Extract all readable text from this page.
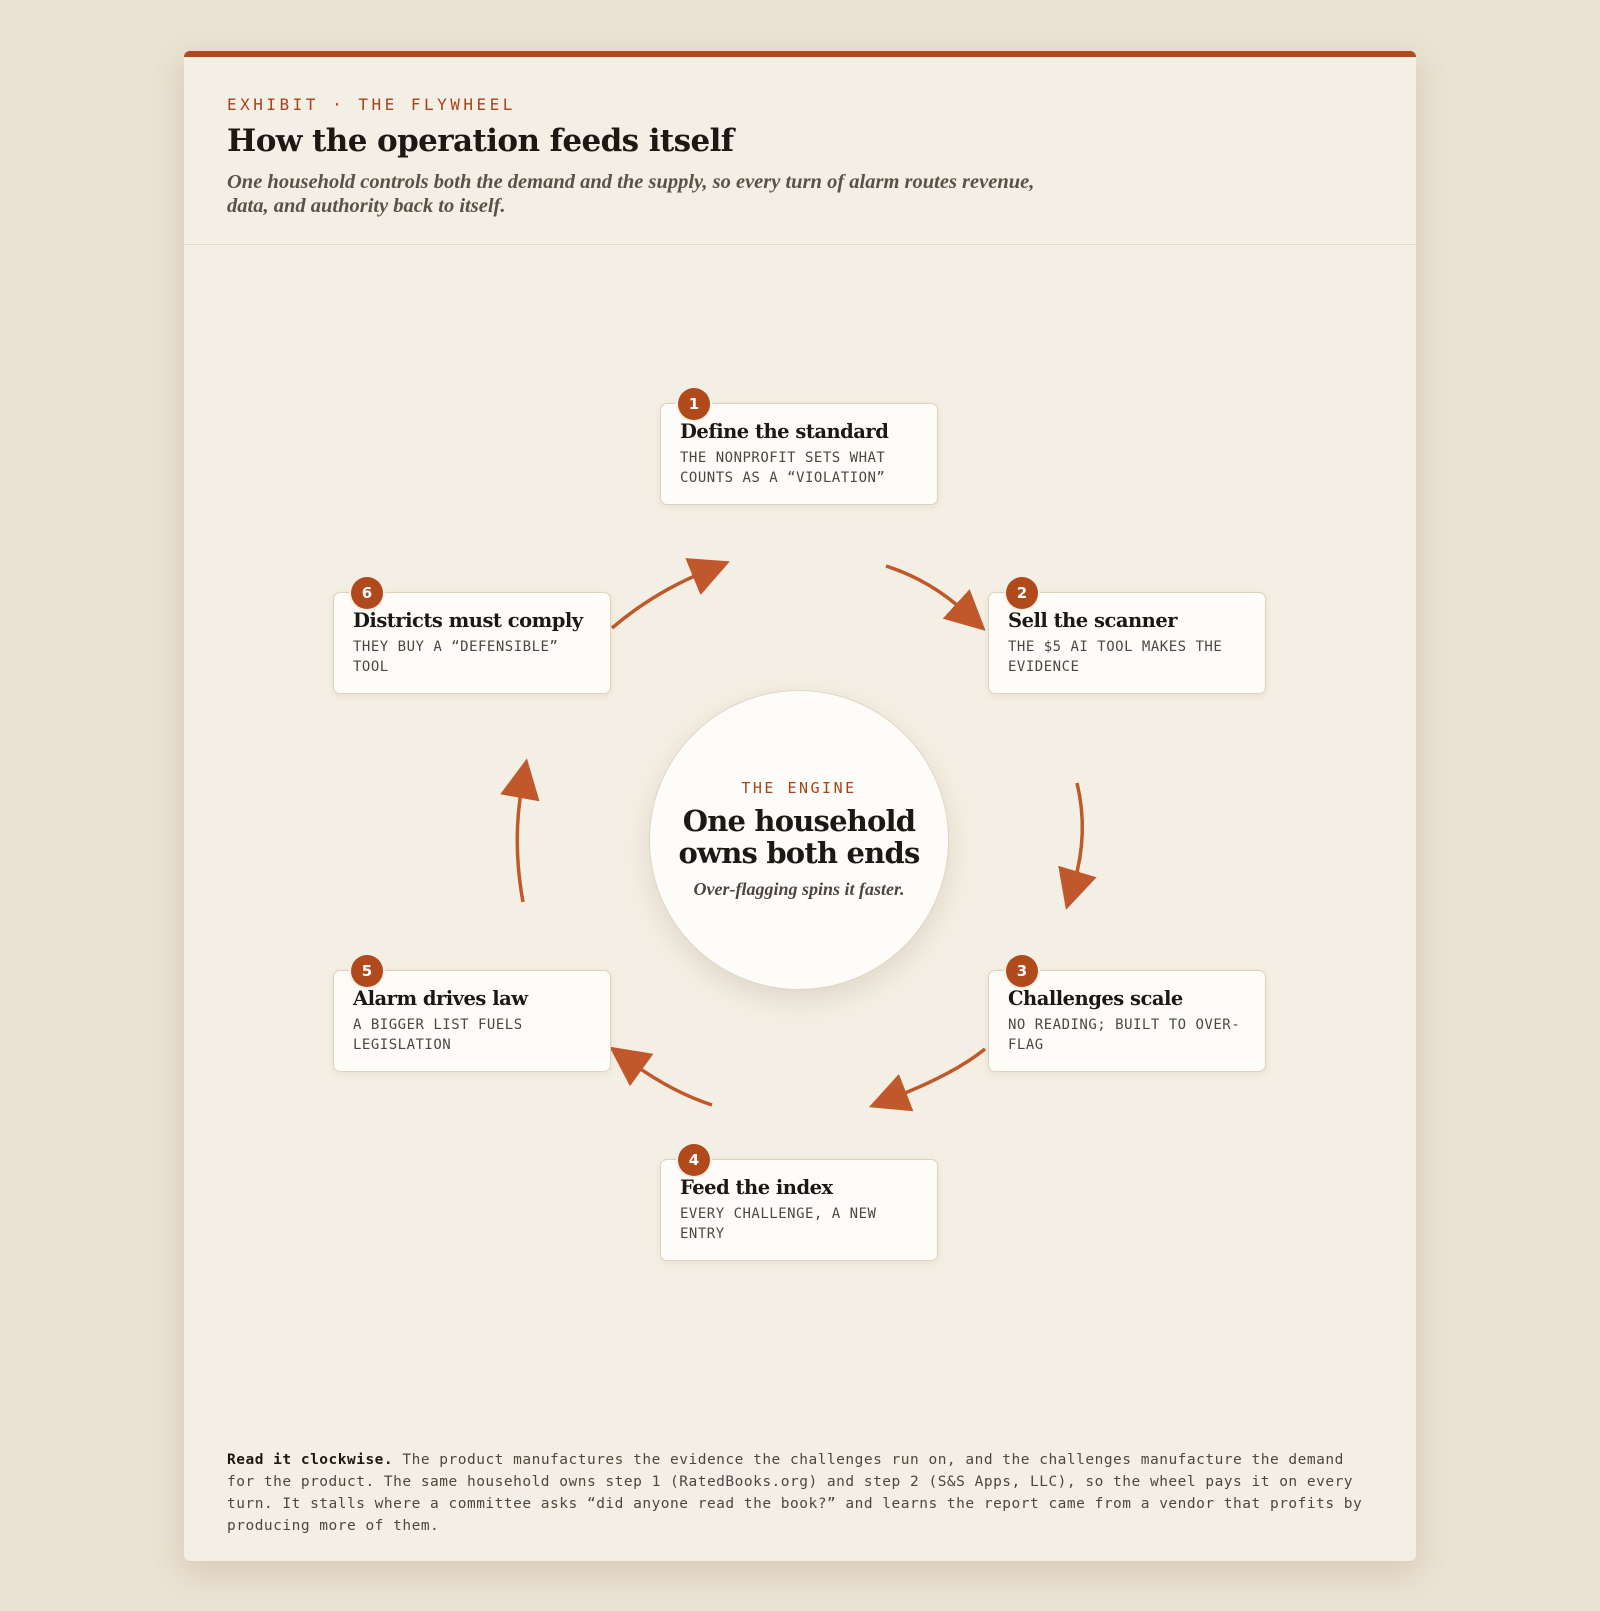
EXHIBIT · THE FLYWHEEL
How the operation feeds itself

One household controls both the demand and the supply, so every turn of alarm routes revenue, data, and authority back to itself.

1
Define the standard
THE NONPROFIT SETS WHAT COUNTS AS A “VIOLATION”
2
Sell the scanner
THE $5 AI TOOL MAKES THE EVIDENCE
3
Challenges scale
NO READING; BUILT TO OVER-FLAG
4
Feed the index
EVERY CHALLENGE, A NEW ENTRY
5
Alarm drives law
A BIGGER LIST FUELS LEGISLATION
6
Districts must comply
THEY BUY A “DEFENSIBLE” TOOL
THE ENGINE
One household
owns both ends
Over-flagging spins it faster.

Read it clockwise. The product manufactures the evidence the challenges run on, and the challenges manufacture the demand for the product. The same household owns step 1 (RatedBooks.org) and step 2 (S&S Apps, LLC), so the wheel pays it on every turn. It stalls where a committee asks “did anyone read the book?” and learns the report came from a vendor that profits by producing more of them.
